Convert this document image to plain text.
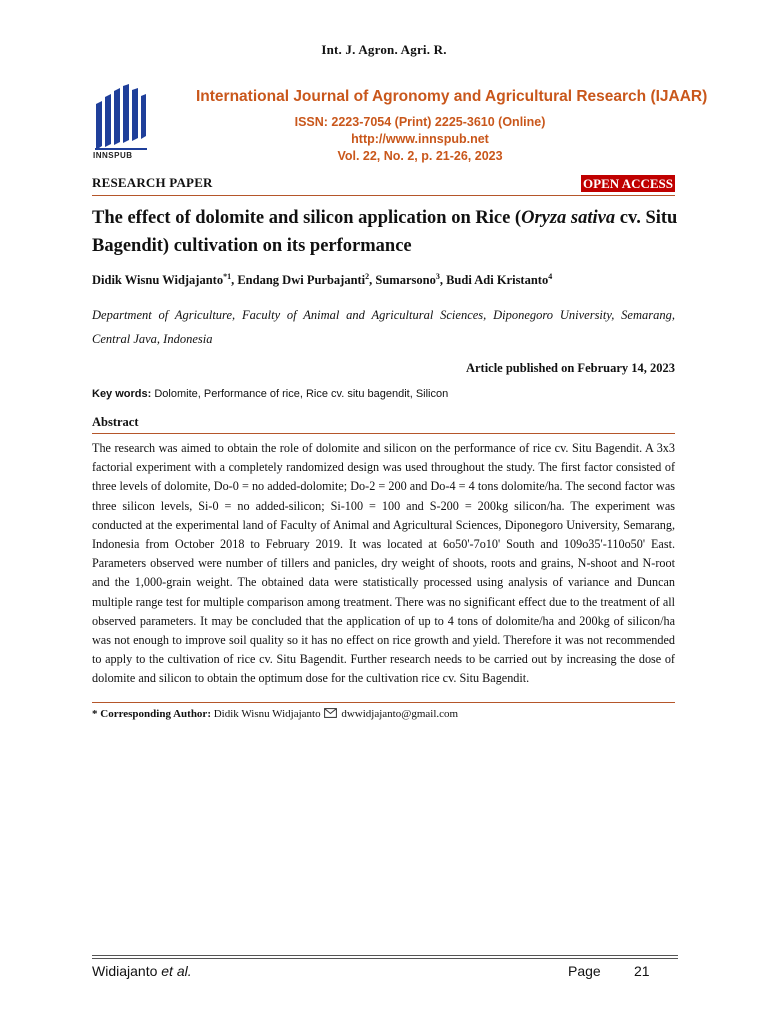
Int. J. Agron. Agri. R.
INNSPUB
International Journal of Agronomy and Agricultural Research (IJAAR)
ISSN: 2223-7054 (Print) 2225-3610 (Online)
http://www.innspub.net
Vol. 22, No. 2, p. 21-26, 2023
RESEARCH PAPER	OPEN ACCESS
The effect of dolomite and silicon application on Rice (Oryza sativa cv. Situ Bagendit) cultivation on its performance
Didik Wisnu Widjajanto$^{*1}$, Endang Dwi Purbajanti$^2$, Sumarsono$^3$, Budi Adi Kristanto$^4$
Department of Agriculture, Faculty of Animal and Agricultural Sciences, Diponegoro University, Semarang, Central Java, Indonesia
Article published on February 14, 2023
Key words: Dolomite, Performance of rice, Rice cv. situ bagendit, Silicon
Abstract
The research was aimed to obtain the role of dolomite and silicon on the performance of rice cv. Situ Bagendit. A 3x3 factorial experiment with a completely randomized design was used throughout the study. The first factor consisted of three levels of dolomite, Do-0 = no added-dolomite; Do-2 = 200 and Do-4 = 4 tons dolomite/ha. The second factor was three silicon levels, Si-0 = no added-silicon; Si-100 = 100 and S-200 = 200kg silicon/ha. The experiment was conducted at the experimental land of Faculty of Animal and Agricultural Sciences, Diponegoro University, Semarang, Indonesia from October 2018 to February 2019. It was located at 6o50'-7o10' South and 109o35'-110o50' East. Parameters observed were number of tillers and panicles, dry weight of shoots, roots and grains, N-shoot and N-root and the 1,000-grain weight. The obtained data were statistically processed using analysis of variance and Duncan multiple range test for multiple comparison among treatment. There was no significant effect due to the treatment of all observed parameters. It may be concluded that the application of up to 4 tons of dolomite/ha and 200kg of silicon/ha was not enough to improve soil quality so it has no effect on rice growth and yield. Therefore it was not recommended to apply to the cultivation of rice cv. Situ Bagendit. Further research needs to be carried out by increasing the dose of dolomite and silicon to obtain the optimum dose for the cultivation rice cv. Situ Bagendit.
* Corresponding Author: Didik Wisnu Widjajanto dwwidjajanto@gmail.com
Widiajanto et al.	Page 21
